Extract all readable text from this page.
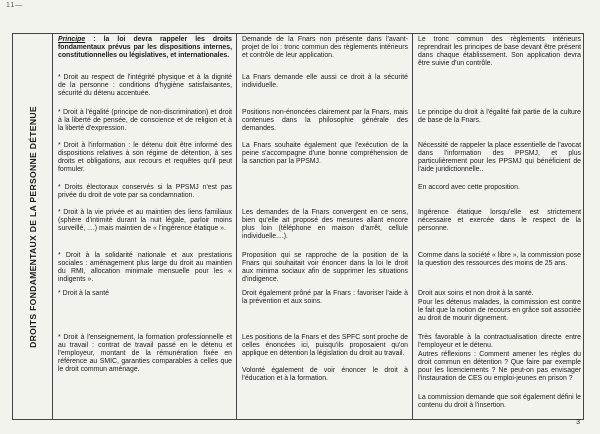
11—
DROITS FONDAMENTAUX DE LA PERSONNE DÉTENUE
Principe : la loi devra rappeler les droits fondamentaux prévus par les dispositions internes, constitutionnelles ou législatives, et internationales.
* Droit au respect de l'intégrité physique et à la dignité de la personne : conditions d'hygiène satisfaisantes, sécurité du détenu accentuée.
* Droit à l'égalité (principe de non-discrimination) et droit à la liberté de pensée, de conscience et de religion et à la liberté d'expression.
* Droit à l'information : le détenu doit être informé des dispositions relatives à son régime de détention, à ses droits et obligations, aux recours et requêtes qu'il peut formuler.
* Droits électoraux conservés si la PPSMJ n'est pas privée du droit de vote par sa condamnation.
* Droit à la vie privée et au maintien des liens familiaux (sphère d'intimité durant la nuit légale, parloir moins surveillé, ....) mais maintien de « l'ingérence étatique ».
* Droit à la solidarité nationale et aux prestations sociales : aménagement plus large du droit au maintien du RMI, allocation minimale mensuelle pour les « indigents ».
* Droit à la santé
* Droit à l'enseignement, la formation professionnelle et au travail : contrat de travail passé en le détenu et l'employeur, montant de la rémunération fixée en référence au SMIC, garanties comparables à celles que le droit commun aménage.
Demande de la Fnars non présente dans l'avant-projet de loi : tronc commun des règlements intérieurs et contrôle de leur application.
La Fnars demande elle aussi ce droit à la sécurité individuelle.
Positions non-énoncées clairement par la Fnars, mais contenues dans la philosophie générale des demandes.
La Fnars souhaite également que l'exécution de la peine s'accompagne d'une bonne compréhension de la sanction par la PPSMJ.
Les demandes de la Fnars convergent en ce sens, bien qu'elle ait proposé des mesures allant encore plus loin (téléphone en maison d'arrêt, cellule individuelle....).
Proposition qui se rapproche de la position de la Fnars qui souhaitait voir énoncer dans la loi le droit aux minima sociaux afin de supprimer les situations d'indigence.
Droit également prôné par la Fnars : favoriser l'aide à la prévention et aux soins.
Les positions de la Fnars et des SPFC sont proche de celles énoncées ici, puisqu'ils proposaient qu'on applique en détention la législation du droit au travail.
Volonté également de voir énoncer le droit à l'éducation et à la formation.
Le tronc commun des règlements intérieurs reprendrait les principes de base devant être présent dans chaque établissement. Son application devra être suivie d'un contrôle.
Le principe du droit à l'égalité fait partie de la culture de base de la Fnars.
Nécessité de rappeler la place essentielle de l'avocat dans l'information des PPSMJ, et plus particulièrement pour les PPSMJ qui bénéficient de l'aide juridictionnelle..
En accord avec cette proposition.
Ingérence étatique lorsqu'elle est strictement nécessaire et exercée dans le respect de la personne.
Comme dans la société « libre », la commission pose la question des ressources des moins de 25 ans.
Droit aux soins et non droit à la santé.
Pour les détenus malades, la commission est contre le fait que la notion de recours en grâce soit associée au droit de mourir dignement.
Très favorable à la contractualisation directe entre l'employeur et le détenu.
Autres réflexions : Comment amener les règles du droit commun en détention ? Que faire par exemple pour les licenciements ? Ne peut-on pas envisager l'instauration de CES ou emploi-jeunes en prison ?
La commission demande que soit également défini le contenu du droit à l'insertion.
3
